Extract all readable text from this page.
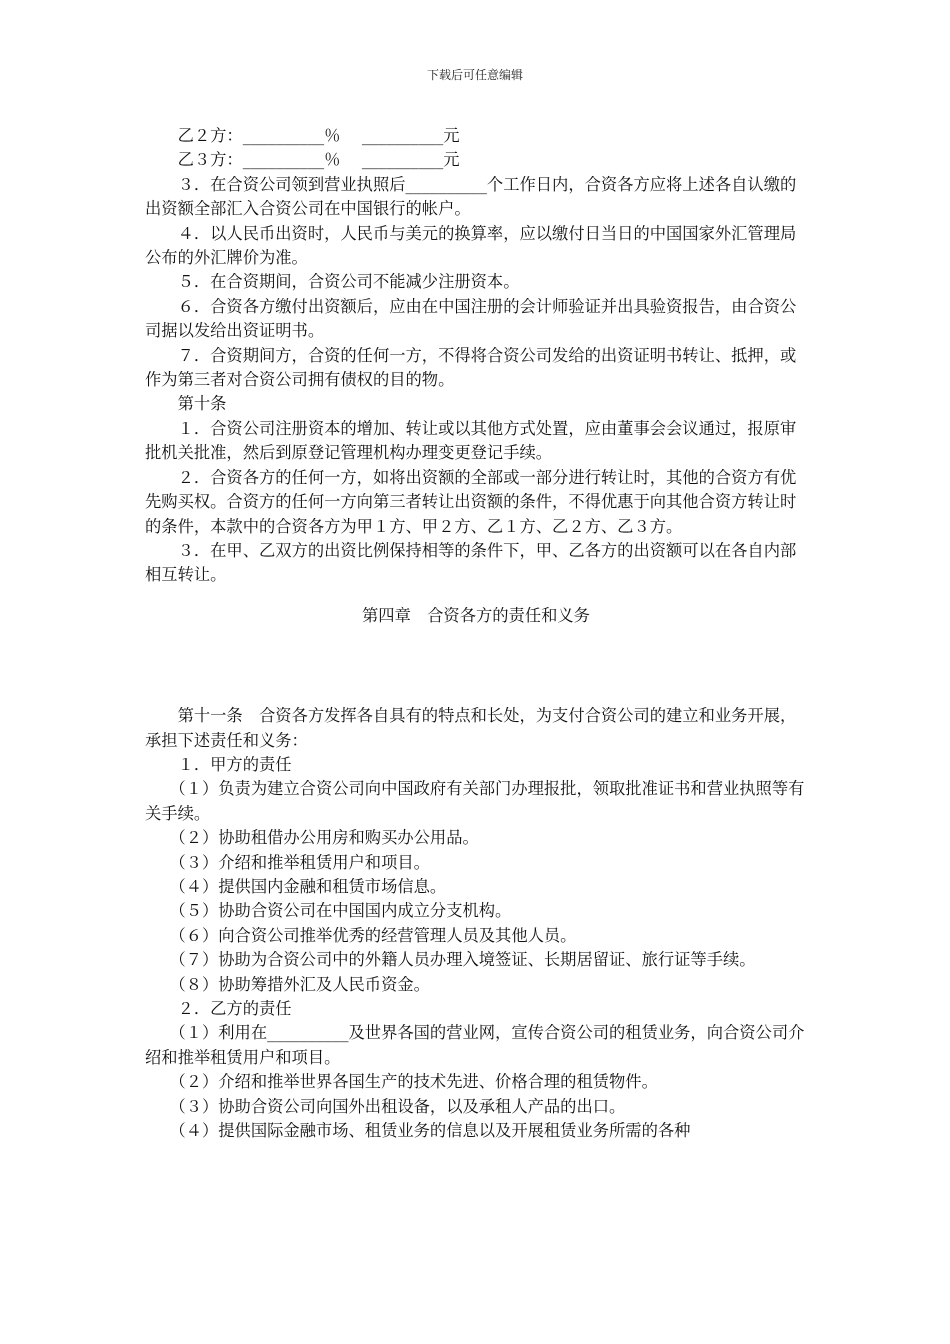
下载后可任意编辑

　　乙２方：__________％　 __________元

　　乙３方：__________％　 __________元

　　３．在合资公司领到营业执照后__________个工作日内，合资各方应将上述各自认缴的出资额全部汇入合资公司在中国银行的帐户。

　　４．以人民币出资时，人民币与美元的换算率，应以缴付日当日的中国国家外汇管理局公布的外汇牌价为准。

　　５．在合资期间，合资公司不能减少注册资本。

　　６．合资各方缴付出资额后，应由在中国注册的会计师验证并出具验资报告，由合资公司据以发给出资证明书。

　　７．合资期间方，合资的任何一方，不得将合资公司发给的出资证明书转让、抵押，或作为第三者对合资公司拥有债权的目的物。

　　第十条

　　１．合资公司注册资本的增加、转让或以其他方式处置，应由董事会会议通过，报原审批机关批准，然后到原登记管理机构办理变更登记手续。

　　２．合资各方的任何一方，如将出资额的全部或一部分进行转让时，其他的合资方有优先购买权。合资方的任何一方向第三者转让出资额的条件，不得优惠于向其他合资方转让时的条件，本款中的合资各方为甲１方、甲２方、乙１方、乙２方、乙３方。

　　３．在甲、乙双方的出资比例保持相等的条件下，甲、乙各方的出资额可以在各自内部相互转让。

第四章　合资各方的责任和义务

　　第十一条　合资各方发挥各自具有的特点和长处，为支付合资公司的建立和业务开展，承担下述责任和义务：

　　１．甲方的责任

　　（１）负责为建立合资公司向中国政府有关部门办理报批，领取批准证书和营业执照等有关手续。

　　（２）协助租借办公用房和购买办公用品。

　　（３）介绍和推举租赁用户和项目。

　　（４）提供国内金融和租赁市场信息。

　　（５）协助合资公司在中国国内成立分支机构。

　　（６）向合资公司推举优秀的经营管理人员及其他人员。

　　（７）协助为合资公司中的外籍人员办理入境签证、长期居留证、旅行证等手续。

　　（８）协助筹措外汇及人民币资金。

　　２．乙方的责任

　　（１）利用在__________及世界各国的营业网，宣传合资公司的租赁业务，向合资公司介绍和推举租赁用户和项目。

　　（２）介绍和推举世界各国生产的技术先进、价格合理的租赁物件。

　　（３）协助合资公司向国外出租设备，以及承租人产品的出口。

　　（４）提供国际金融市场、租赁业务的信息以及开展租赁业务所需的各种
